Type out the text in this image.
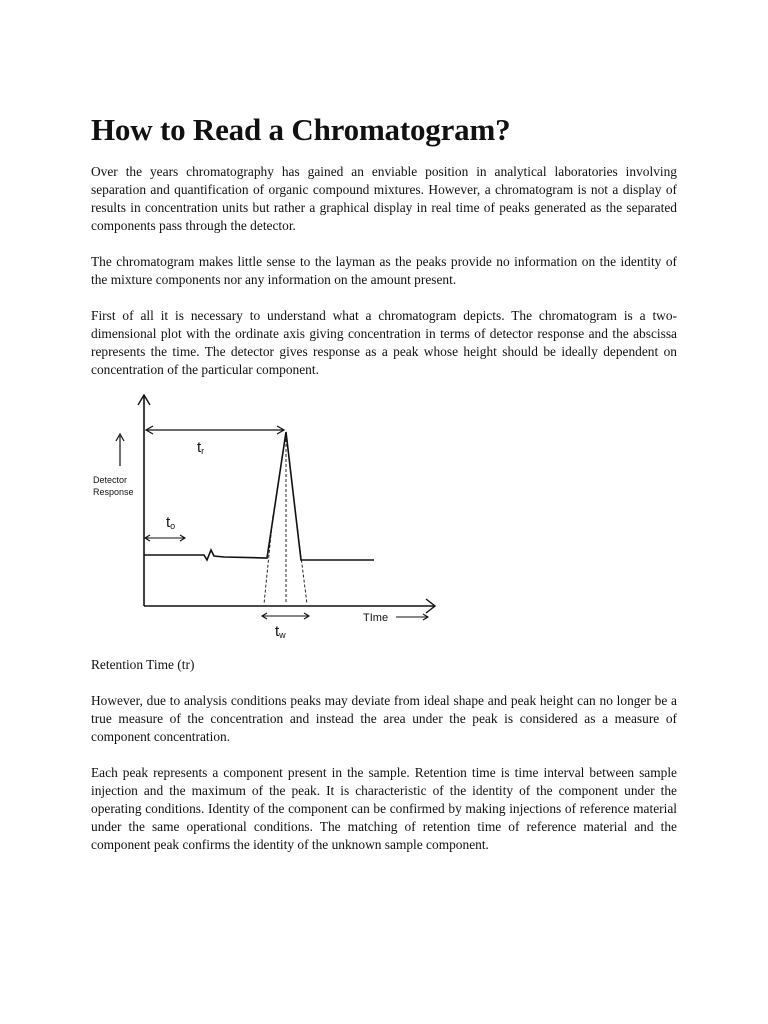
How to Read a Chromatogram?

Over the years chromatography has gained an enviable position in analytical laboratories involving separation and quantification of organic compound mixtures. However, a chromatogram is not a display of results in concentration units but rather a graphical display in real time of peaks generated as the separated components pass through the detector.

The chromatogram makes little sense to the layman as the peaks provide no information on the identity of the mixture components nor any information on the amount present.

First of all it is necessary to understand what a chromatogram depicts. The chromatogram is a two-dimensional plot with the ordinate axis giving concentration in terms of detector response and the abscissa represents the time. The detector gives response as a peak whose height should be ideally dependent on concentration of the particular component.

Detector
Response
tr
to
tw
TIme
Retention Time (tr)

However, due to analysis conditions peaks may deviate from ideal shape and peak height can no longer be a true measure of the concentration and instead the area under the peak is considered as a measure of component concentration.

Each peak represents a component present in the sample. Retention time is time interval between sample injection and the maximum of the peak. It is characteristic of the identity of the component under the operating conditions. Identity of the component can be confirmed by making injections of reference material under the same operational conditions. The matching of retention time of reference material and the component peak confirms the identity of the unknown sample component.
